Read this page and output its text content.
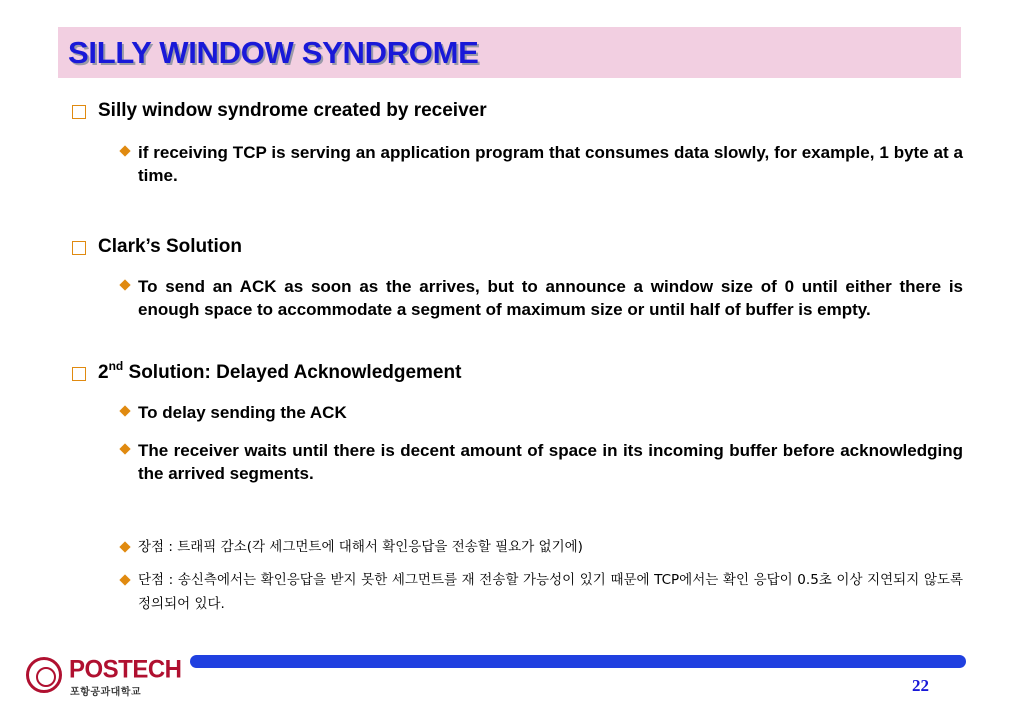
SILLY WINDOW SYNDROME
Silly window syndrome created by receiver
if receiving TCP is serving an application program that consumes data slowly, for example, 1 byte at a time.
Clark’s Solution
To send an ACK as soon as the arrives, but to announce a window size of 0 until either there is enough space to accommodate a segment of maximum size or until half of buffer is empty.
2nd Solution: Delayed Acknowledgement
To delay sending the ACK
The receiver waits until there is decent amount of space in its incoming buffer before acknowledging the arrived segments.
장점 : 트래픽 감소(각 세그먼트에 대해서 확인응답을 전송할 필요가 없기에)
단점 : 송신측에서는 확인응답을 받지 못한 세그먼트를 재 전송할 가능성이 있기 때문에 TCP에서는 확인 응답이 0.5초 이상 지연되지 않도록 정의되어 있다.
POSTECH
포항공과대학교	22
